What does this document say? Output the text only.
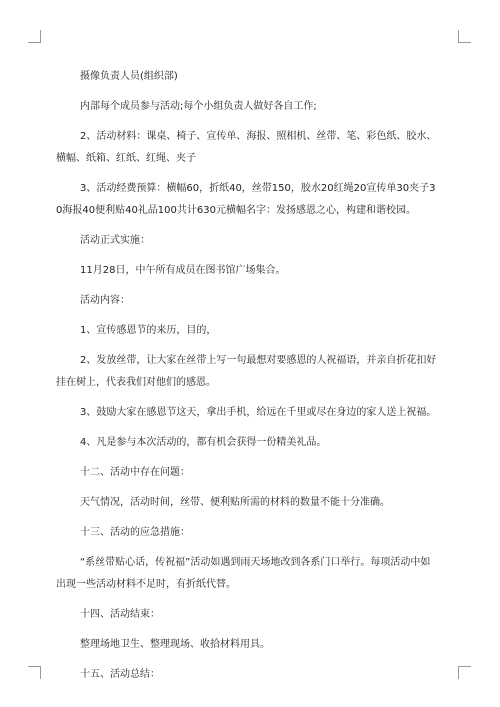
摄像负责人员(组织部)

内部每个成员参与活动;每个小组负责人做好各自工作;

2、活动材料：课桌、椅子、宣传单、海报、照相机、丝带、笔、彩色纸、胶水、横幅、纸箱、红纸、红绳、夹子

3、活动经费预算：横幅60，折纸40，丝带150，胶水20红绳20宣传单30夹子30海报40便利贴40礼品100共计630元横幅名字：发扬感恩之心，构建和谐校园。

活动正式实施：

11月28日，中午所有成员在图书馆广场集合。

活动内容：

1、宣传感恩节的来历，目的，

2、发放丝带，让大家在丝带上写一句最想对要感恩的人祝福语，并亲自折花扣好挂在树上，代表我们对他们的感恩。

3、鼓励大家在感恩节这天，拿出手机，给远在千里或尽在身边的家人送上祝福。

4、凡是参与本次活动的，都有机会获得一份精美礼品。

十二、活动中存在问题：

天气情况，活动时间，丝带、便利贴所需的材料的数量不能十分准确。

十三、活动的应急措施：

“系丝带贴心话，传祝福”活动如遇到雨天场地改到各系门口举行。每项活动中如出现一些活动材料不足时，有折纸代替。

十四、活动结束：

整理场地卫生、整理现场、收拾材料用具。

十五、活动总结：
